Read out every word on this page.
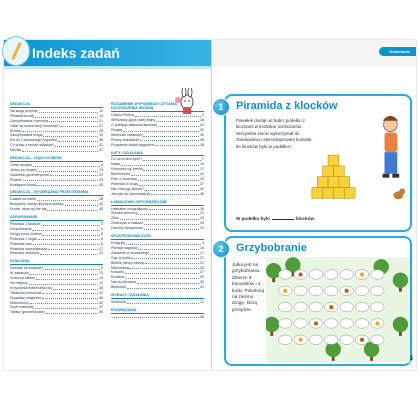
Indeks zadań
DEDUKCJA
Na sługą przymie	11
Pilkarski turniej	13
Zaszyfrowana rozmowa	21
Jakie są mowa twój rozmowie?	27
Kredzy	29
Zaszyfrowana droga	33
Ezt do Czerwonego Kapturka	36
Co wziąć z twoich składów?	41
Mezika	47
DEDUKCJA – CIĄGI LICZBOW
Cieśn aniątka	6
Jedno za drugim	13
Szlacheki geometryczne	22
Pisanie	43
Kradzpna liczba	45
DEDUKCJA – WYOBRAŹNIA PRZESTRZENNA
Dołaka od sobie	28
Budujemy mosty dla pana starsky	43
Prszte, ktow wy nie tak	45
DOPASOWANIE
Piramida z klocków	3
Grzybobranie	3
Drogą przez kozłów	5
Piramida z cegieł	6
Piramida wiec	8
Piramida samuzwezyta	17
Piramida liczbowa	23
DZIAŁANIA
Szkołak za słupkach	5
W zapasów	12
Sowa na kiłuwe	14
Na miejscu	14
Krzyżówka matematyczna	26
Tabliczka mnożenia	32
Kwadraty magiczne	36
Manuhtorzy	42
Szyfr materiały	47
Tablicz geometryczne	46
ROZUMIENIE WYPOWIEDZI CZYTANIA DOCHODZENIA WIOSNĄ
Ciasny Piotruś	2
Wiedziany język owej wojny	18
O pobiegu płaszcza słońcem	24
Regaty	32
Wierność zadaniom	35
Pistwy wskazanie	38
Programie wkład wygodnie	38
KATY I DZIALANIA
Co na tu sformyćh?	7
Mapa	10
Poloronia się prestit	17
Bembomina	24
Pole z cuozdrów	25
Piramida w krąży	37
Nie rozszyję sklepu?	42
Jest jak do kanmolastryk	46
ŁAMIGŁÓWKI ORTOGRAFICZNE
Hassaton ortograficzny	16
Słówka ciemnicy	21
Złoto	24
Zwierzęta w lilakach	25
Dziemły łamachowe	31
SPOSTRZEGAWCZOŚĆ
Rozgryty	9
Pardwy nagroda	14
Zabawne w chowanego	17
Gaz w Indlis	21
Bieblik pieczy szkolę	21
Mikromesa	26
Kraczek	27
Rodzinki	30
Nat do zdrówka	35
Biedronki	41
WYRAZY I DZIAŁANIA
Smeczka	11
ROZWIĄZANIA
48
Dobieranie
1	Piramida z klocków
Pawełek dostał od babci pudełko z klockami w kształcie sześcianów. Wszystkie klocki wykorzystał do zbudowania czterostopniowej budowli. Ile klocków było w pudełku?
W pudełku było	klocków.
2	Grzybobranie
Julka jest na grzybobraniu. Zbierze 8 borowików i 4 kurki. Pokoloruj na zielono drogę, którą przejdzie.
3
